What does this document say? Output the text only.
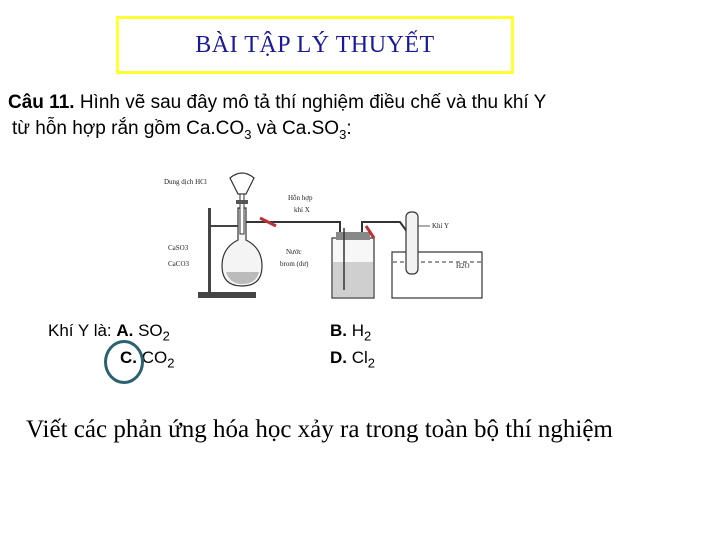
BÀI TẬP LÝ THUYẾT
Câu 11. Hình vẽ sau đây mô tả thí nghiệm điều chế và thu khí Y
từ hỗn hợp rắn gồm $Ca.CO_3$ và $Ca.SO_3$:
Dung dịch HCl
Hỗn hợp
khí X
CaSO3
CaCO3
Nước
brom (dư)
Khí Y
H2O
Khí Y là: A. $SO_2$
C. $CO_2$
B. $H_2$
D. $Cl_2$
Viết các phản ứng hóa học xảy ra trong toàn bộ thí nghiệm
